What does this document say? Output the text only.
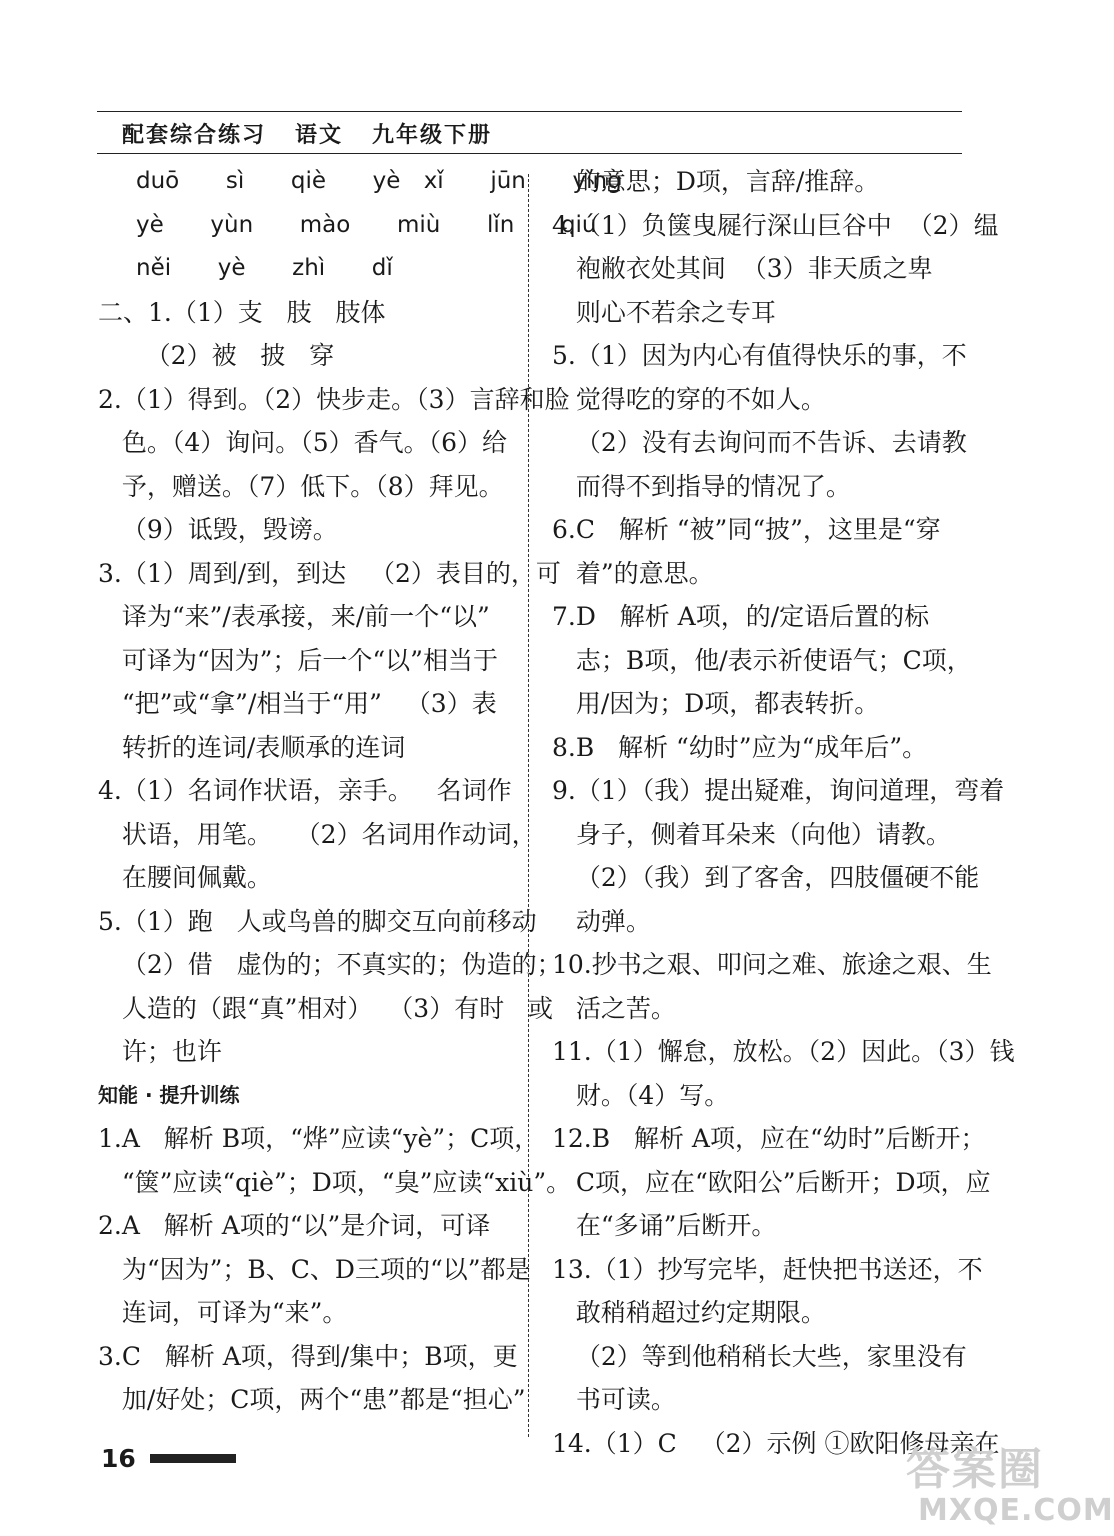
配套综合练习   语文   九年级下册
duō  sì  qiè  yè xǐ  jūn  yìng
yè  yùn  mào  miù  lǐn  qiú
něi  yè  zhì  dǐ
二、1.（1）支   肢   肢体
（2）被   披   穿
2.（1）得到。（2）快步走。（3）言辞和脸
色。（4）询问。（5）香气。（6）给
予，赠送。（7）低下。（8）拜见。
（9）诋毁，毁谤。
3.（1）周到/到，到达   （2）表目的，可
译为“来”/表承接，来/前一个“以”
可译为“因为”；后一个“以”相当于
“把”或“拿”/相当于“用”   （3）表
转折的连词/表顺承的连词
4.（1）名词作状语，亲手。   名词作
状语，用笔。   （2）名词用作动词，
在腰间佩戴。
5.（1）跑   人或鸟兽的脚交互向前移动
（2）借   虚伪的；不真实的；伪造的；
人造的（跟“真”相对）  （3）有时   或
许；也许
知能 · 提升训练
1.A   解析 B项，“烨”应读“yè”；C项，
“箧”应读“qiè”；D项，“臭”应读“xiù”。
2.A   解析 A项的“以”是介词，可译
为“因为”；B、C、D三项的“以”都是
连词，可译为“来”。
3.C   解析 A项，得到/集中；B项，更
加/好处；C项，两个“患”都是“担心”
的意思；D项，言辞/推辞。
4.（1）负箧曳屣行深山巨谷中  （2）缊
袍敝衣处其间  （3）非天质之卑
则心不若余之专耳
5.（1）因为内心有值得快乐的事，不
觉得吃的穿的不如人。
（2）没有去询问而不告诉、去请教
而得不到指导的情况了。
6.C   解析 “被”同“披”，这里是“穿
着”的意思。
7.D   解析 A项，的/定语后置的标
志；B项，他/表示祈使语气；C项，
用/因为；D项，都表转折。
8.B   解析 “幼时”应为“成年后”。
9.（1）（我）提出疑难，询问道理，弯着
身子，侧着耳朵来（向他）请教。
（2）（我）到了客舍，四肢僵硬不能
动弹。
10.抄书之艰、叩问之难、旅途之艰、生
活之苦。
11.（1）懈怠，放松。（2）因此。（3）钱
财。（4）写。
12.B   解析 A项，应在“幼时”后断开；
C项，应在“欧阳公”后断开；D项，应
在“多诵”后断开。
13.（1）抄写完毕，赶快把书送还，不
敢稍稍超过约定期限。
（2）等到他稍稍长大些，家里没有
书可读。
14.（1）C   （2）示例 ①欧阳修母亲在
16	答案圈
MXQE.COM
